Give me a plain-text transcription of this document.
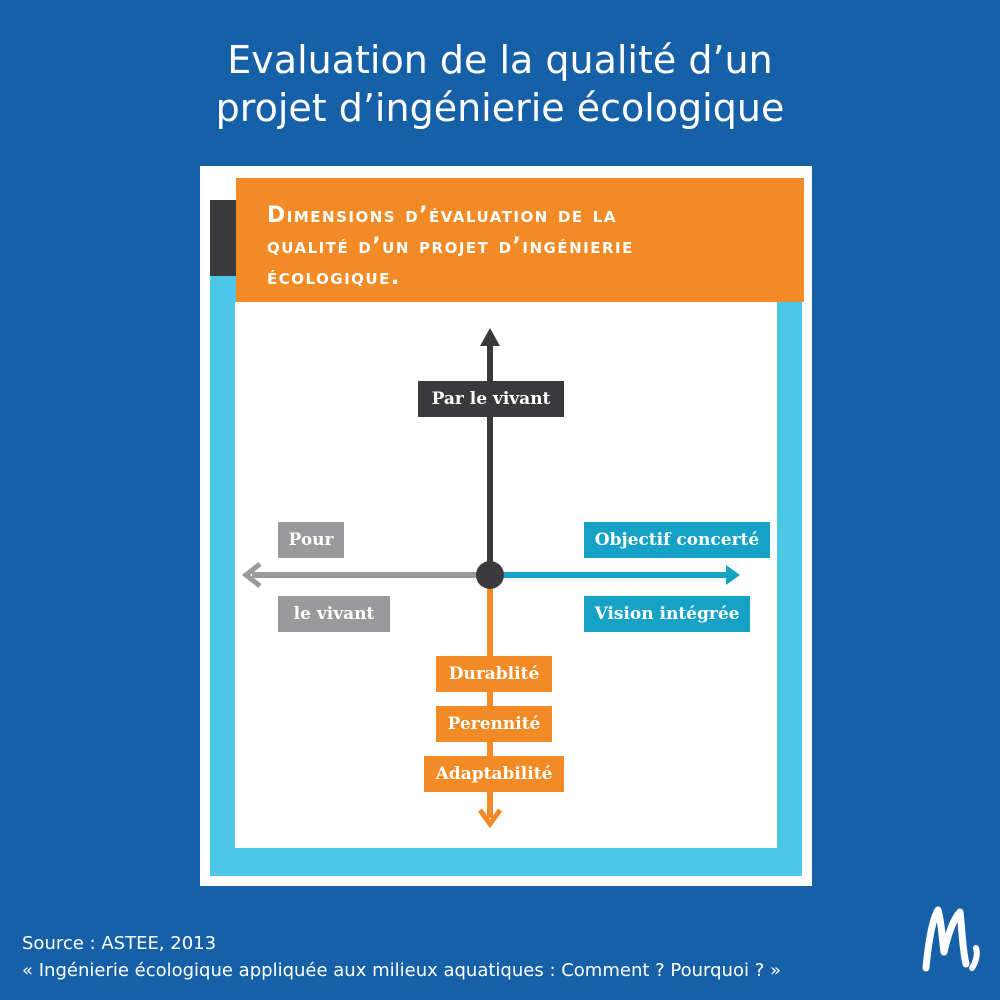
Evaluation de la qualité d’un
projet d’ingénierie écologique
Dimensions d’évaluation de la
qualité d’un projet d’ingénierie
écologique.
Par le vivant
Pour
le vivant
Objectif concerté
Vision intégrée
Durablité
Perennité
Adaptabilité
Source : ASTEE, 2013
« Ingénierie écologique appliquée aux milieux aquatiques : Comment ? Pourquoi ? »
